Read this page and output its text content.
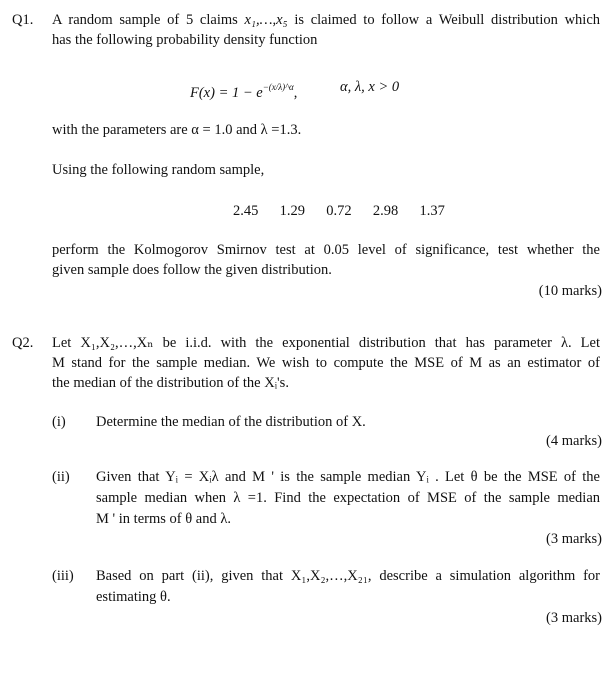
Q1. A random sample of 5 claims x₁,…,x₅ is claimed to follow a Weibull distribution which
has the following probability density function
$F(x) = 1 - e^{-(x/\lambda)\^{}\alpha}$,	α, λ, x > 0
with the parameters are α = 1.0 and λ =1.3.
Using the following random sample,
2.45 1.29 0.72 2.98 1.37
perform the Kolmogorov Smirnov test at 0.05 level of significance, test whether the
given sample does follow the given distribution.
(10 marks)
Q2. Let X₁,X₂,…,Xₙ be i.i.d. with the exponential distribution that has parameter λ. Let
M stand for the sample median. We wish to compute the MSE of M as an estimator of
the median of the distribution of the Xᵢ's.
(i) Determine the median of the distribution of X.
(4 marks)
(ii) Given that Yᵢ = Xᵢλ and M ' is the sample median Yᵢ . Let θ be the MSE of the
sample median when λ =1. Find the expectation of MSE of the sample median
M ' in terms of θ and λ.
(3 marks)
(iii) Based on part (ii), given that X₁,X₂,…,X₂₁, describe a simulation algorithm for
estimating θ.
(3 marks)
